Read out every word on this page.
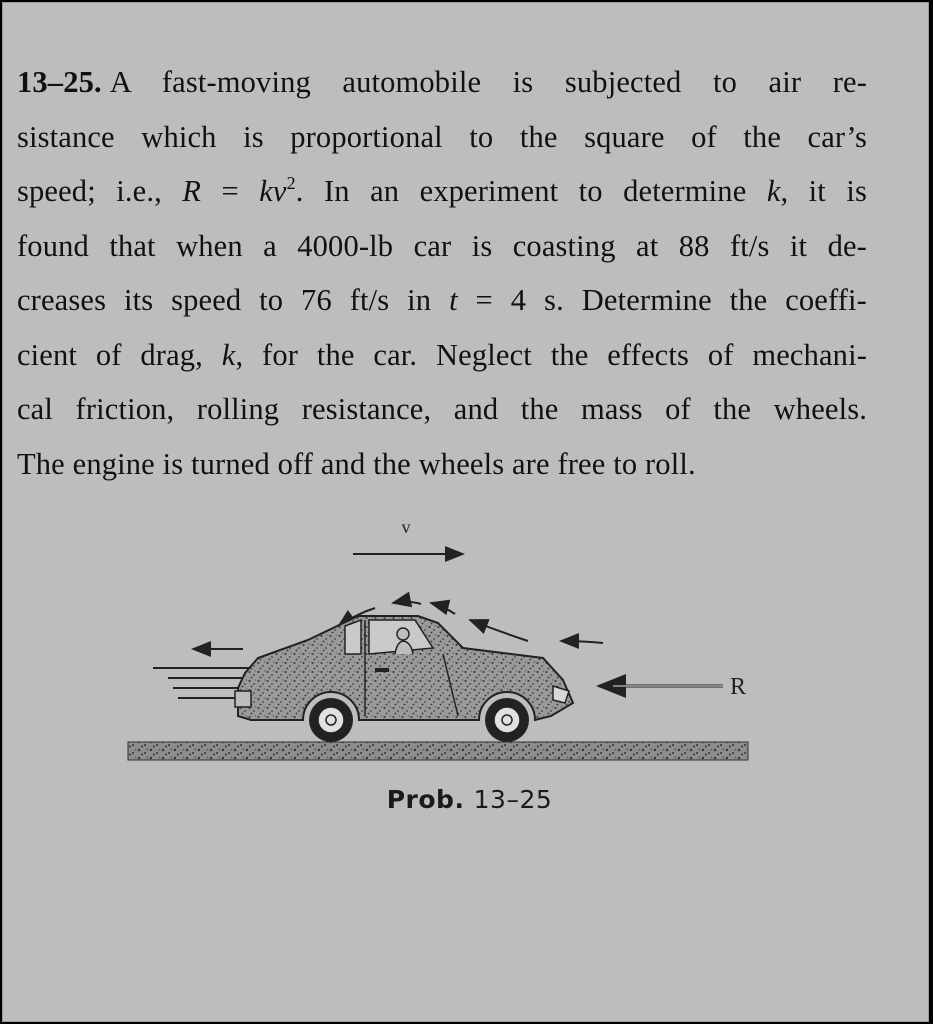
13–25. A fast-moving automobile is subjected to air re-
sistance which is proportional to the square of the car’s
speed; i.e., $R = kv^2$. In an experiment to determine k, it is
found that when a 4000-lb car is coasting at 88 ft/s it de-
creases its speed to 76 ft/s in t = 4 s. Determine the coeffi-
cient of drag, k, for the car. Neglect the effects of mechani-
cal friction, rolling resistance, and the mass of the wheels.
The engine is turned off and the wheels are free to roll.
v
R
Prob. 13–25
